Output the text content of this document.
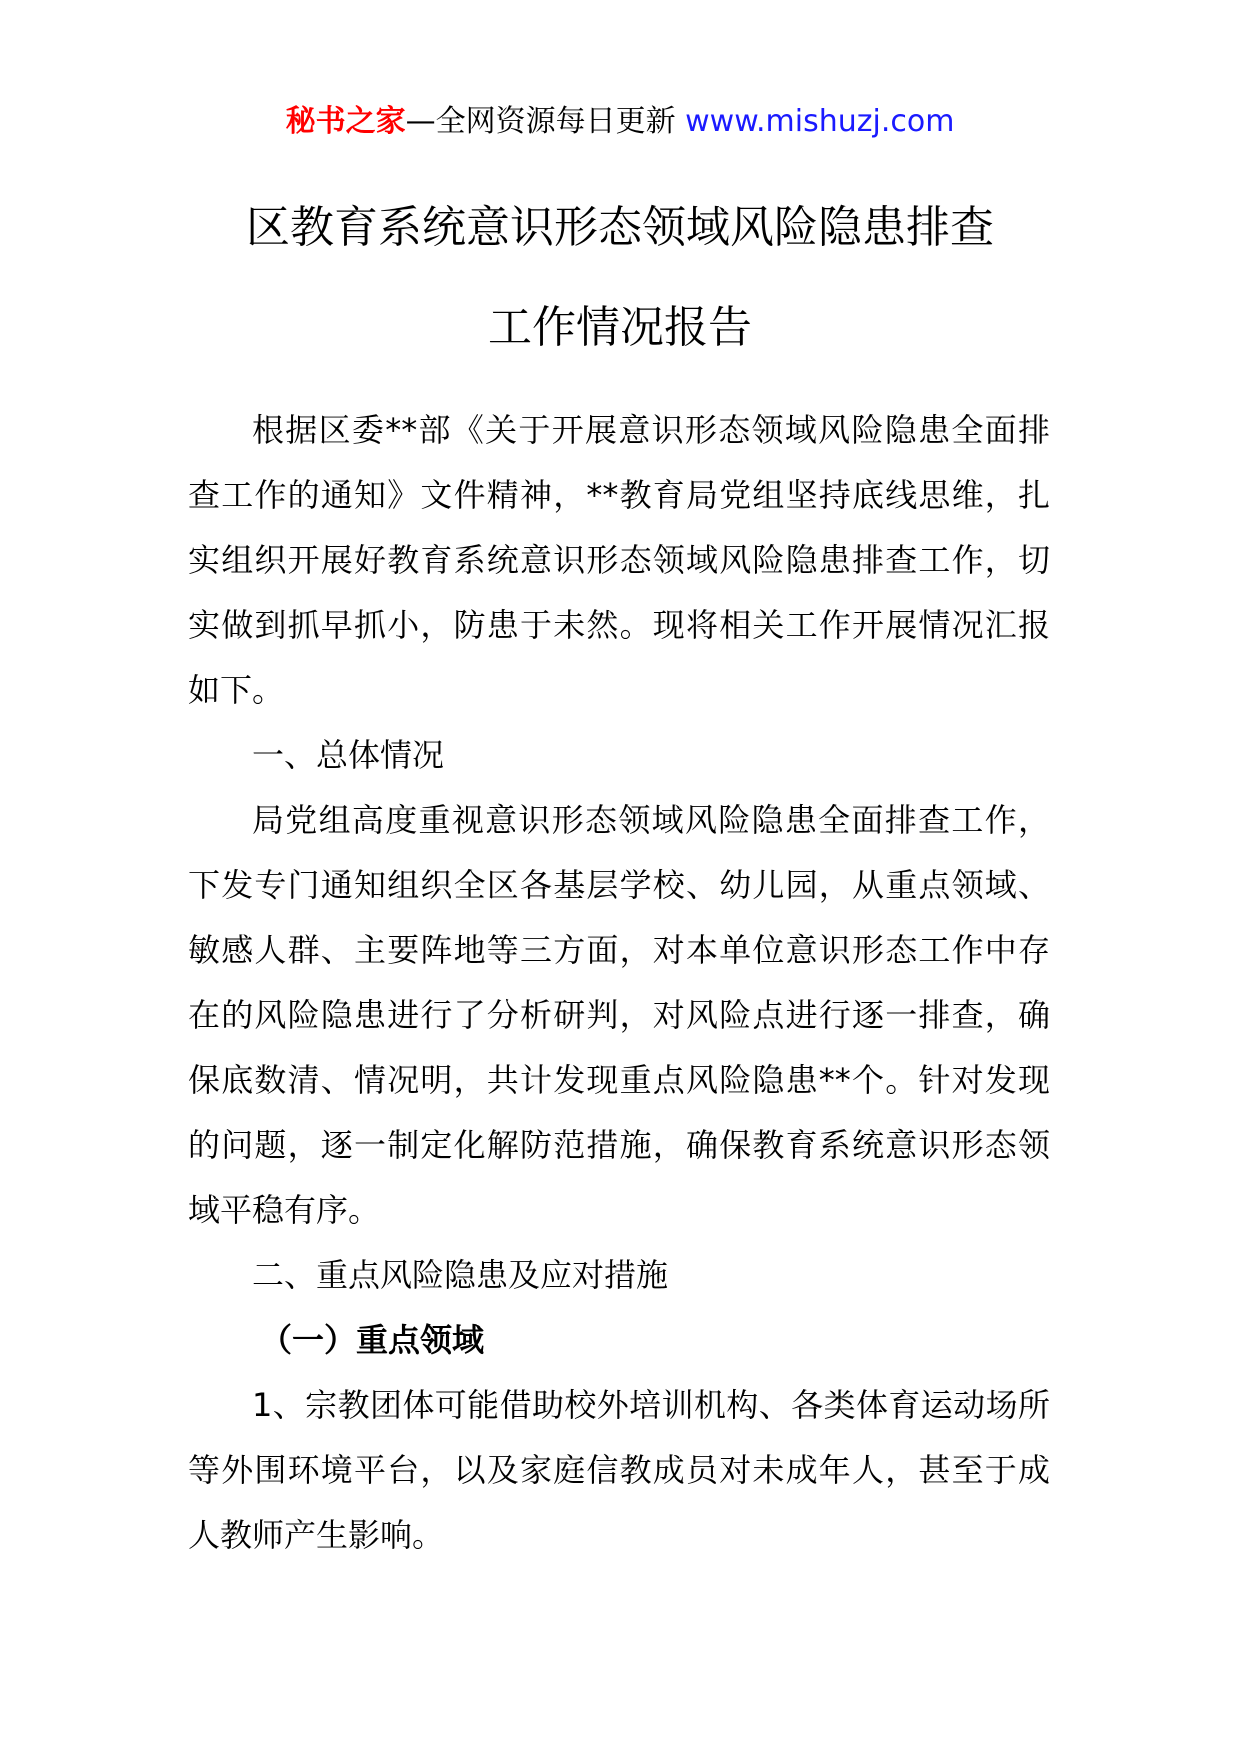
秘书之家—全网资源每日更新 www.mishuzj.com
区教育系统意识形态领域风险隐患排查
工作情况报告

根据区委**部《关于开展意识形态领域风险隐患全面排查工作的通知》文件精神，**教育局党组坚持底线思维，扎实组织开展好教育系统意识形态领域风险隐患排查工作，切实做到抓早抓小，防患于未然。现将相关工作开展情况汇报如下。

一、总体情况

局党组高度重视意识形态领域风险隐患全面排查工作，下发专门通知组织全区各基层学校、幼儿园，从重点领域、敏感人群、主要阵地等三方面，对本单位意识形态工作中存在的风险隐患进行了分析研判，对风险点进行逐一排查，确保底数清、情况明，共计发现重点风险隐患**个。针对发现的问题，逐一制定化解防范措施，确保教育系统意识形态领域平稳有序。

二、重点风险隐患及应对措施

（一）重点领域

1、宗教团体可能借助校外培训机构、各类体育运动场所等外围环境平台，以及家庭信教成员对未成年人，甚至于成人教师产生影响。
